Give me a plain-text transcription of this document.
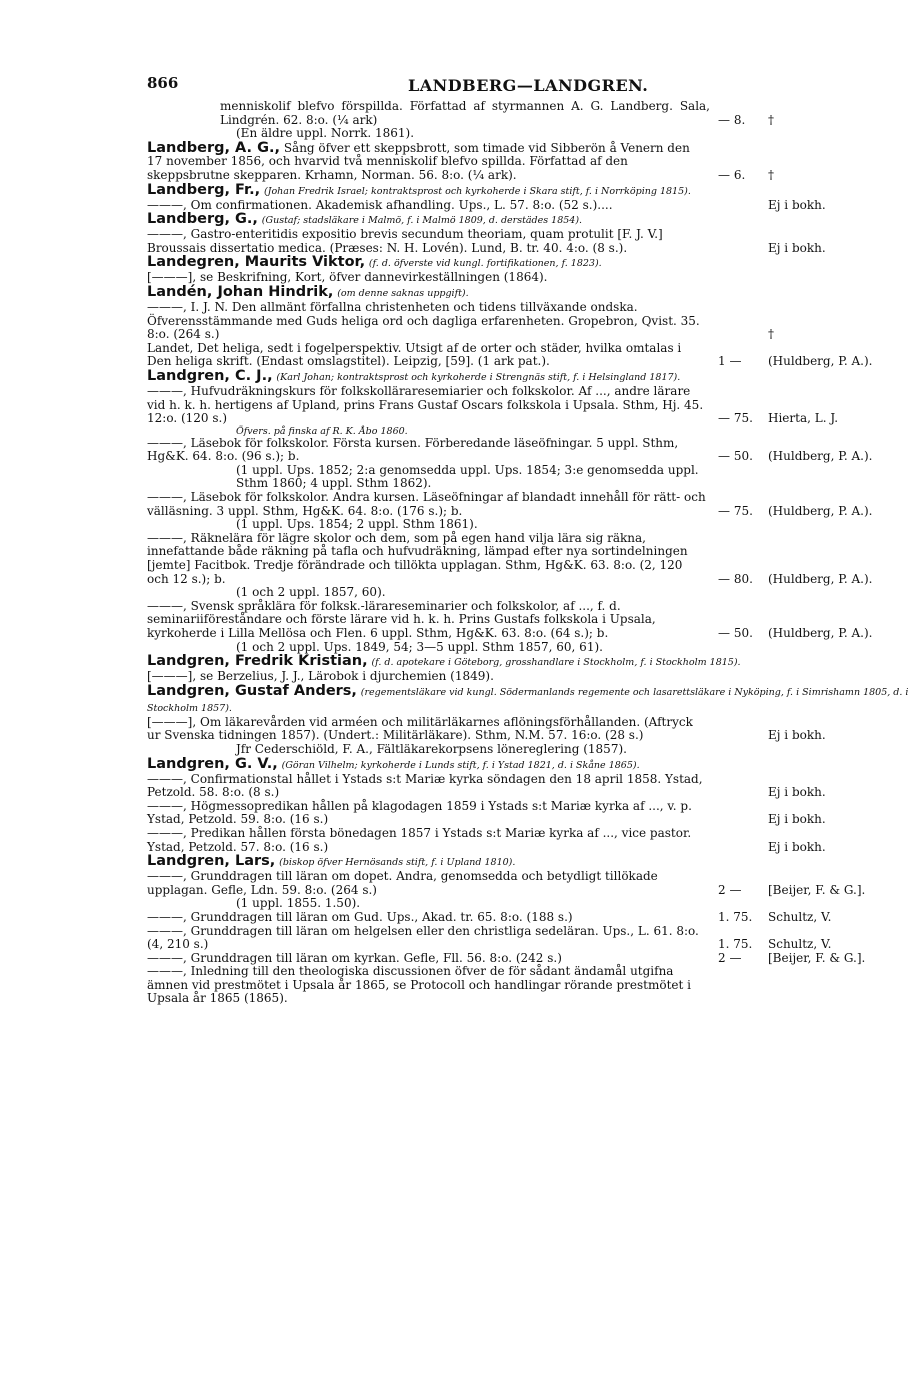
866	LANDBERG—LANDGREN.
menniskolif blefvo förspillda. Författad af styrmannen A. G. Landberg. Sala, Lindgrén. 62. 8:o. (¼ ark)	— 8. †
(En äldre uppl. Norrk. 1861).
Landberg, A. G., Sång öfver ett skeppsbrott, som timade vid Sibberön å Venern den 17 november 1856, och hvarvid två menniskolif blefvo spillda. Författad af den skeppsbrutne skepparen. Krhamn, Norman. 56. 8:o. (¼ ark).	— 6. †
Landberg, Fr., (Johan Fredrik Israel; kontraktsprost och kyrkoherde i Skara stift, f. i Norrköping 1815).
———, Om confirmationen. Akademisk afhandling. Ups., L. 57. 8:o. (52 s.)....	Ej i bokh.
Landberg, G., (Gustaf; stadsläkare i Malmö, f. i Malmö 1809, d. derstädes 1854).
———, Gastro-enteritidis expositio brevis secundum theoriam, quam protulit [F. J. V.] Broussais dissertatio medica. (Præses: N. H. Lovén). Lund, B. tr. 40. 4:o. (8 s.).	Ej i bokh.
Landegren, Maurits Viktor, (f. d. öfverste vid kungl. fortifikationen, f. 1823).
[———], se Beskrifning, Kort, öfver dannevirkeställningen (1864).
Landén, Johan Hindrik, (om denne saknas uppgift).
———, I. J. N. Den allmänt förfallna christenheten och tidens tillväxande ondska. Öfverensstämmande med Guds heliga ord och dagliga erfarenheten. Gropebron, Qvist. 35. 8:o. (264 s.)	†
Landet, Det heliga, sedt i fogelperspektiv. Utsigt af de orter och städer, hvilka omtalas i Den heliga skrift. (Endast omslagstitel). Leipzig, [59]. (1 ark pat.).	1 — (Huldberg, P. A.).
Landgren, C. J., (Karl Johan; kontraktsprost och kyrkoherde i Strengnäs stift, f. i Helsingland 1817).
———, Hufvudräkningskurs för folkskolläraresemiarier och folkskolor. Af ..., andre lärare vid h. k. h. hertigens af Upland, prins Frans Gustaf Oscars folkskola i Upsala. Sthm, Hj. 45. 12:o. (120 s.)	— 75. Hierta, L. J.
Öfvers. på finska af R. K. Åbo 1860.
———, Läsebok för folkskolor. Första kursen. Förberedande läseöfningar. 5 uppl. Sthm, Hg&K. 64. 8:o. (96 s.); b.	— 50. (Huldberg, P. A.).
(1 uppl. Ups. 1852; 2:a genomsedda uppl. Ups. 1854; 3:e genomsedda uppl. Sthm 1860; 4 uppl. Sthm 1862).
———, Läsebok för folkskolor. Andra kursen. Läseöfningar af blandadt innehåll för rätt- och välläsning. 3 uppl. Sthm, Hg&K. 64. 8:o. (176 s.); b.	— 75. (Huldberg, P. A.).
(1 uppl. Ups. 1854; 2 uppl. Sthm 1861).
———, Räknelära för lägre skolor och dem, som på egen hand vilja lära sig räkna, innefattande både räkning på tafla och hufvudräkning, lämpad efter nya sortindelningen [jemte] Facitbok. Tredje förändrade och tillökta upplagan. Sthm, Hg&K. 63. 8:o. (2, 120 och 12 s.); b.	— 80. (Huldberg, P. A.).
(1 och 2 uppl. 1857, 60).
———, Svensk språklära för folksk.-lärareseminarier och folkskolor, af ..., f. d. seminariiföreståndare och förste lärare vid h. k. h. Prins Gustafs folkskola i Upsala, kyrkoherde i Lilla Mellösa och Flen. 6 uppl. Sthm, Hg&K. 63. 8:o. (64 s.); b.	— 50. (Huldberg, P. A.).
(1 och 2 uppl. Ups. 1849, 54; 3—5 uppl. Sthm 1857, 60, 61).
Landgren, Fredrik Kristian, (f. d. apotekare i Göteborg, grosshandlare i Stockholm, f. i Stockholm 1815).
[———], se Berzelius, J. J., Lärobok i djurchemien (1849).
Landgren, Gustaf Anders, (regementsläkare vid kungl. Södermanlands regemente och lasarettsläkare i Nyköping, f. i Simrishamn 1805, d. i Stockholm 1857).
[———], Om läkarevården vid arméen och militärläkarnes aflöningsförhållanden. (Aftryck ur Svenska tidningen 1857). (Undert.: Militärläkare). Sthm, N.M. 57. 16:o. (28 s.)	Ej i bokh.
Jfr Cederschiöld, F. A., Fältläkarekorpsens lönereglering (1857).
Landgren, G. V., (Göran Vilhelm; kyrkoherde i Lunds stift, f. i Ystad 1821, d. i Skåne 1865).
———, Confirmationstal hållet i Ystads s:t Mariæ kyrka söndagen den 18 april 1858. Ystad, Petzold. 58. 8:o. (8 s.)	Ej i bokh.
———, Högmessopredikan hållen på klagodagen 1859 i Ystads s:t Mariæ kyrka af ..., v. p. Ystad, Petzold. 59. 8:o. (16 s.)	Ej i bokh.
———, Predikan hållen första bönedagen 1857 i Ystads s:t Mariæ kyrka af ..., vice pastor. Ystad, Petzold. 57. 8:o. (16 s.)	Ej i bokh.
Landgren, Lars, (biskop öfver Hernösands stift, f. i Upland 1810).
———, Grunddragen till läran om dopet. Andra, genomsedda och betydligt tillökade upplagan. Gefle, Ldn. 59. 8:o. (264 s.)	2 — [Beijer, F. & G.].
(1 uppl. 1855. 1.50).
———, Grunddragen till läran om Gud. Ups., Akad. tr. 65. 8:o. (188 s.)	1. 75. Schultz, V.
———, Grunddragen till läran om helgelsen eller den christliga sedeläran. Ups., L. 61. 8:o. (4, 210 s.)	1. 75. Schultz, V.
———, Grunddragen till läran om kyrkan. Gefle, Fll. 56. 8:o. (242 s.)	2 — [Beijer, F. & G.].
———, Inledning till den theologiska discussionen öfver de för sådant ändamål utgifna ämnen vid prestmötet i Upsala år 1865, se Protocoll och handlingar rörande prestmötet i Upsala år 1865 (1865).
